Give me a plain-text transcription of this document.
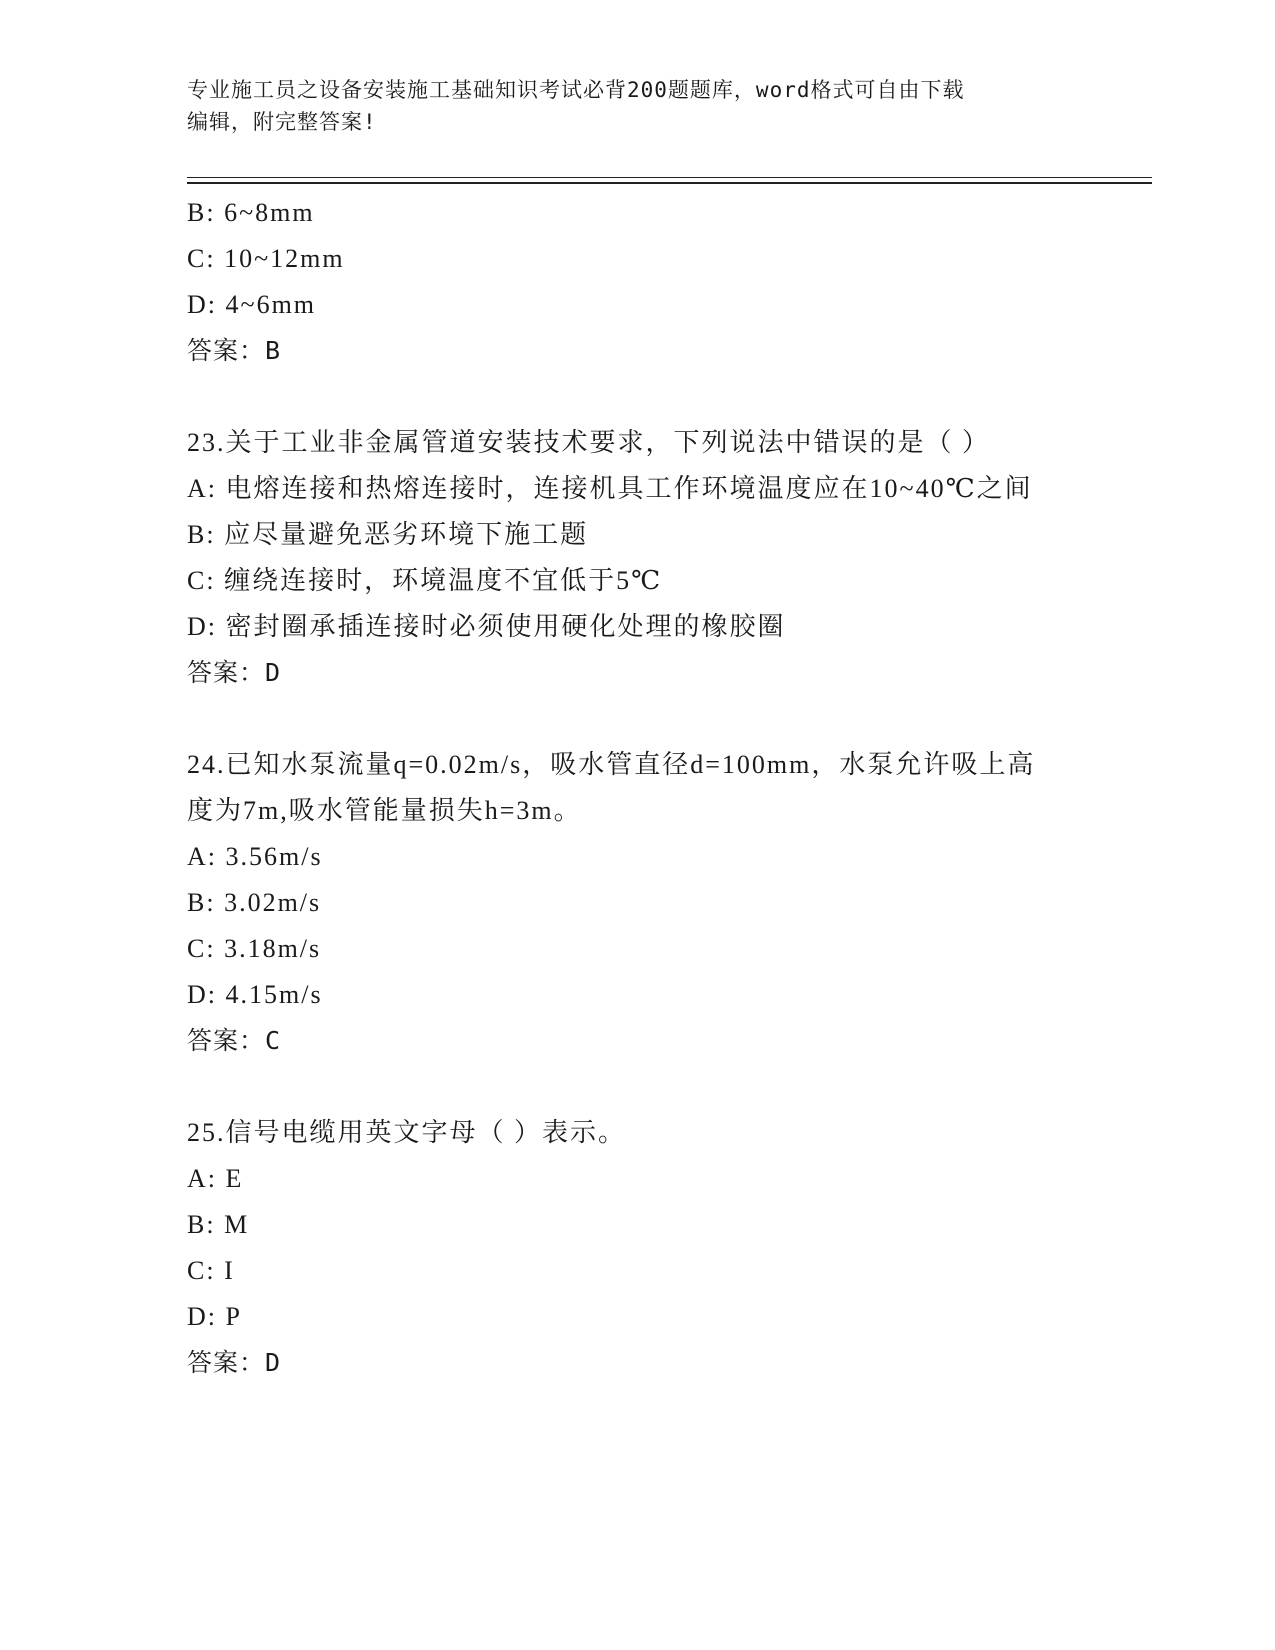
专业施工员之设备安装施工基础知识考试必背200题题库，word格式可自由下载
编辑，附完整答案!
B: 6~8mm
C: 10~12mm
D: 4~6mm
答案：B
23.关于工业非金属管道安装技术要求，下列说法中错误的是（ ）
A: 电熔连接和热熔连接时，连接机具工作环境温度应在10~40℃之间
B: 应尽量避免恶劣环境下施工题
C: 缠绕连接时，环境温度不宜低于5℃
D: 密封圈承插连接时必须使用硬化处理的橡胶圈
答案：D
24.已知水泵流量q=0.02m/s，吸水管直径d=100mm，水泵允许吸上高
度为7m,吸水管能量损失h=3m。
A: 3.56m/s
B: 3.02m/s
C: 3.18m/s
D: 4.15m/s
答案：C
25.信号电缆用英文字母（ ）表示。
A: E
B: M
C: I
D: P
答案：D
